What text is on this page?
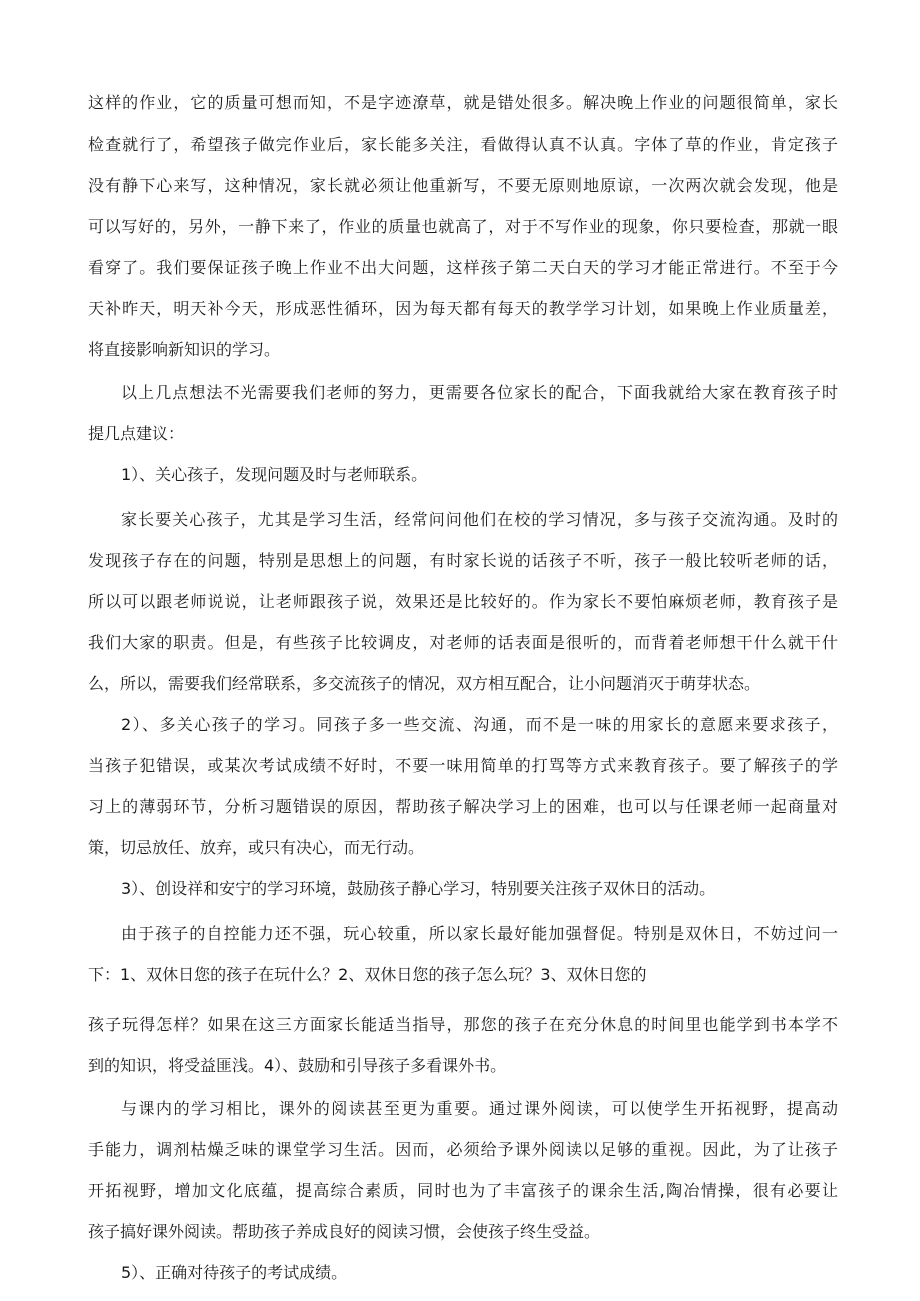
这样的作业，它的质量可想而知，不是字迹潦草，就是错处很多。解决晚上作业的问题很简单，家长

检查就行了，希望孩子做完作业后，家长能多关注，看做得认真不认真。字体了草的作业，肯定孩子

没有静下心来写，这种情况，家长就必须让他重新写，不要无原则地原谅，一次两次就会发现，他是

可以写好的，另外，一静下来了，作业的质量也就高了，对于不写作业的现象，你只要检查，那就一眼

看穿了。我们要保证孩子晚上作业不出大问题，这样孩子第二天白天的学习才能正常进行。不至于今

天补昨天，明天补今天，形成恶性循环，因为每天都有每天的教学学习计划，如果晚上作业质量差，

将直接影响新知识的学习。

以上几点想法不光需要我们老师的努力，更需要各位家长的配合，下面我就给大家在教育孩子时

提几点建议：

1）、关心孩子，发现问题及时与老师联系。

家长要关心孩子，尤其是学习生活，经常问问他们在校的学习情况，多与孩子交流沟通。及时的

发现孩子存在的问题，特别是思想上的问题，有时家长说的话孩子不听，孩子一般比较听老师的话，

所以可以跟老师说说，让老师跟孩子说，效果还是比较好的。作为家长不要怕麻烦老师，教育孩子是

我们大家的职责。但是，有些孩子比较调皮，对老师的话表面是很听的，而背着老师想干什么就干什

么，所以，需要我们经常联系，多交流孩子的情况，双方相互配合，让小问题消灭于萌芽状态。

2）、多关心孩子的学习。同孩子多一些交流、沟通，而不是一味的用家长的意愿来要求孩子，

当孩子犯错误，或某次考试成绩不好时，不要一味用简单的打骂等方式来教育孩子。要了解孩子的学

习上的薄弱环节，分析习题错误的原因，帮助孩子解决学习上的困难，也可以与任课老师一起商量对

策，切忌放任、放弃，或只有决心，而无行动。

3）、创设祥和安宁的学习环境，鼓励孩子静心学习，特别要关注孩子双休日的活动。

由于孩子的自控能力还不强，玩心较重，所以家长最好能加强督促。特别是双休日，不妨过问一

下：1、双休日您的孩子在玩什么？2、双休日您的孩子怎么玩？3、双休日您的

孩子玩得怎样？如果在这三方面家长能适当指导，那您的孩子在充分休息的时间里也能学到书本学不

到的知识，将受益匪浅。4）、鼓励和引导孩子多看课外书。

与课内的学习相比，课外的阅读甚至更为重要。通过课外阅读，可以使学生开拓视野，提高动

手能力，调剂枯燥乏味的课堂学习生活。因而，必须给予课外阅读以足够的重视。因此，为了让孩子

开拓视野，增加文化底蕴，提高综合素质，同时也为了丰富孩子的课余生活,陶冶情操，很有必要让

孩子搞好课外阅读。帮助孩子养成良好的阅读习惯，会使孩子终生受益。

5）、正确对待孩子的考试成绩。
